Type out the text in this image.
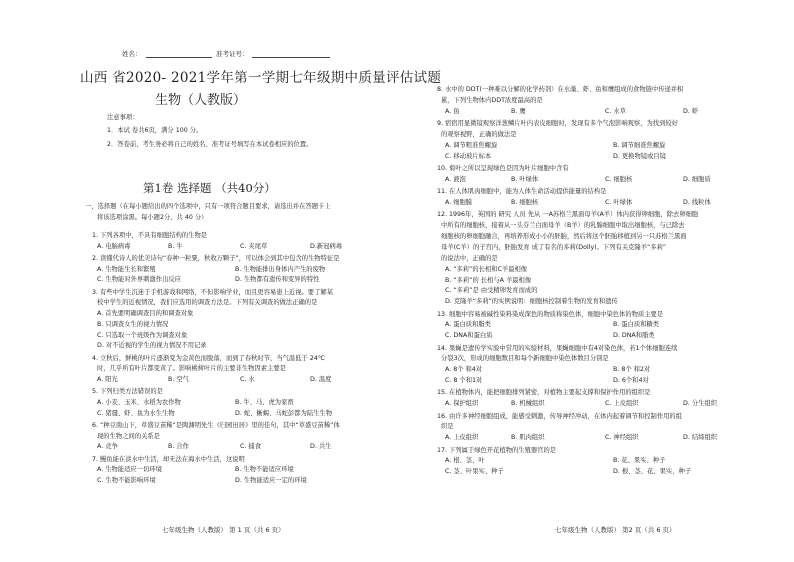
姓名：	准考证号：
山西 省2020- 2021学年第一学期七年级期中质量评估试题
生物（人教版）
注意事项：
1．本试 卷共6页，满分 100 分。
2．答卷前，考生务必将自己的姓名、准考证号填写在本试卷相应的位置。
第1卷 选择题 （共40分）
一、选择题（在每小题给出的四个选项中，只有一项符合题目要求，请选出并在答题卡上
将该选项涂黑。每小题2分，共 40 分）
1. 下列各项中，不具有细胞结构的生物是
A. 电脑病毒	B. 牛	C. 夹尾草	D.新冠病毒
2. 读懂代诗人的优美诗句“春种一粒粟，秋收万颗子”，可以体会到其中包含的生物特征是
A. 生物能生长和繁殖	B. 生物能排出身体内产生的废物
C. 生物能对外界刺激作出反应	D. 生物都有遗传和变异的特性
3. 有些中学生沉迷于手机游戏和网络，不但影响学业，而且更容易患上近视。要了解某
校中学生的近视情况，我们应选用的调查方法是。下列有关调查的做法正确的是
A. 首先要明确调查目的和调查对象
B. 只调查女生的视力情况
C. 只选取一个班级作为调查对象
D. 对不近视的学生的视力情况不用记录
4. 立秋后，鲜桃的叶片逐渐变为金黄色而脱落，而到了春秋时节，当气温低于 24℃
时，几乎所有叶片都变黄了。影响桃树叶片的主要非生物因素主要是
A. 阳光	B. 空气	C. 水	D. 温度
5. 下列归类方法错误的是
A. 小麦、玉米、水稻为农作物	B. 牛、马、虎为家畜
C. 猪蜃、虾、鱼为水生生物	D. 蛇、蜥蜴、马蛇彭都为陆生生物
6. “种豆南山下，草盛豆苗稀”是陶渊明先生《归园田居》里的佳句，其中“草盛豆苗稀”体
现的生物之间的关系是
A. 竞争	B. 合作	C. 捕食	D. 共生
7. 鳗鱼能在淡水中生活，却无法在海水中生活，这说明
A. 生物能适应一切环境	B. 生物不能适应环境
C. 生物不能影响环境	D. 生物能适应一定的环境
七年级生物（人教版） 第 1 页（共 6 页）
8. 水中的 DDT(一种难以分解的化学药剂）在水藻、虾、鱼和鹰组成的食物链中传递并积
累，下列生物体内DDT浓度最高的是
A. 鱼	B. 鹰	C. 水草	D. 虾
9. 宿宿用显微镜观察洋葱鳞片叶内表皮细胞时，发现有多个气泡影响观察，为找到较好
的观察视野，正确的做法是
A. 调节粗准焦螺旋	B. 调节细准焦螺旋
C. 移动玻片标本	D. 更换物镜或目镜
10. 菊叶之所以呈现绿色是因为叶片细胞中含有
A. 液泡	B. 叶绿体	C. 细胞核	D. 细胞质
11. 在人体肌肉细胞中，能为人体生命活动提供能量的结构是
A. 细胞膜	B. 细胞核	C. 叶绿体	D. 线粒体
12. 1996年，英国的 研究 人员 先从 一A苏格兰黑面母羊(A羊）体内获得卵细胞，除去卵细胞
中所有的细胞核，接着从一头芬兰白面母羊（B羊）的乳腺细胞中取出细胞核，与已除去
细胞核的卵细胞融合，再培养形成小小的胚胎，然后将这个胚胎移植到另一只苏格兰黑面
母羊(C羊）的子宫内，胚胎发育 成了有名的多莉(Dolly)。下列有关克隆羊“多莉”
的说法中，正确的是
A. “多莉”的长相和C羊最相像
B. “多莉”的 长相与A 羊最相像
C. “多莉”是 由受精卵发育而成的
D. 克隆羊“多莉”的实例说明：细胞核控制着生物的发育和遗传
13. 细胞中容易被碱性染料染成深色的物质称染色体，细胞中染色体的物质主要是
A. 蛋白质和脂类	B. 蛋白质和糖类
C. DNA和蛋白质	D. DNA和脂类
14. 果蝇是遗传学实验中常用的实验材料，果蝇细胞中有4对染色体，若1个体细胞连续
分裂3次，形成的细胞数目和每个新细胞中染色体数目分别是
A. 8个 和4对	B. 8个 和2对
C. 8 个和1对	D. 6个和4对
15. 在植物体内，能把细胞排列紧密，对植物主要起支撑和保护作用的组织是
A. 保护组织	B. 机械组织	C. 上皮组织	D. 分生组织
16. 由许多神经细胞组成，能感受刺激，传导神经冲动，在体内起着调节和控制作用的组
织是
A. 上皮组织	B. 肌肉组织	C. 神经组织	D. 结缔组织
17. 下列属于绿色开花植物的生殖器官的是
A. 根、茎、叶	B. 花、果实、种子
C. 茎、叶果实、种子	D. 根、茎、花、果实、种子
七年级生物（人教版） 第2 页（共 6 页）
